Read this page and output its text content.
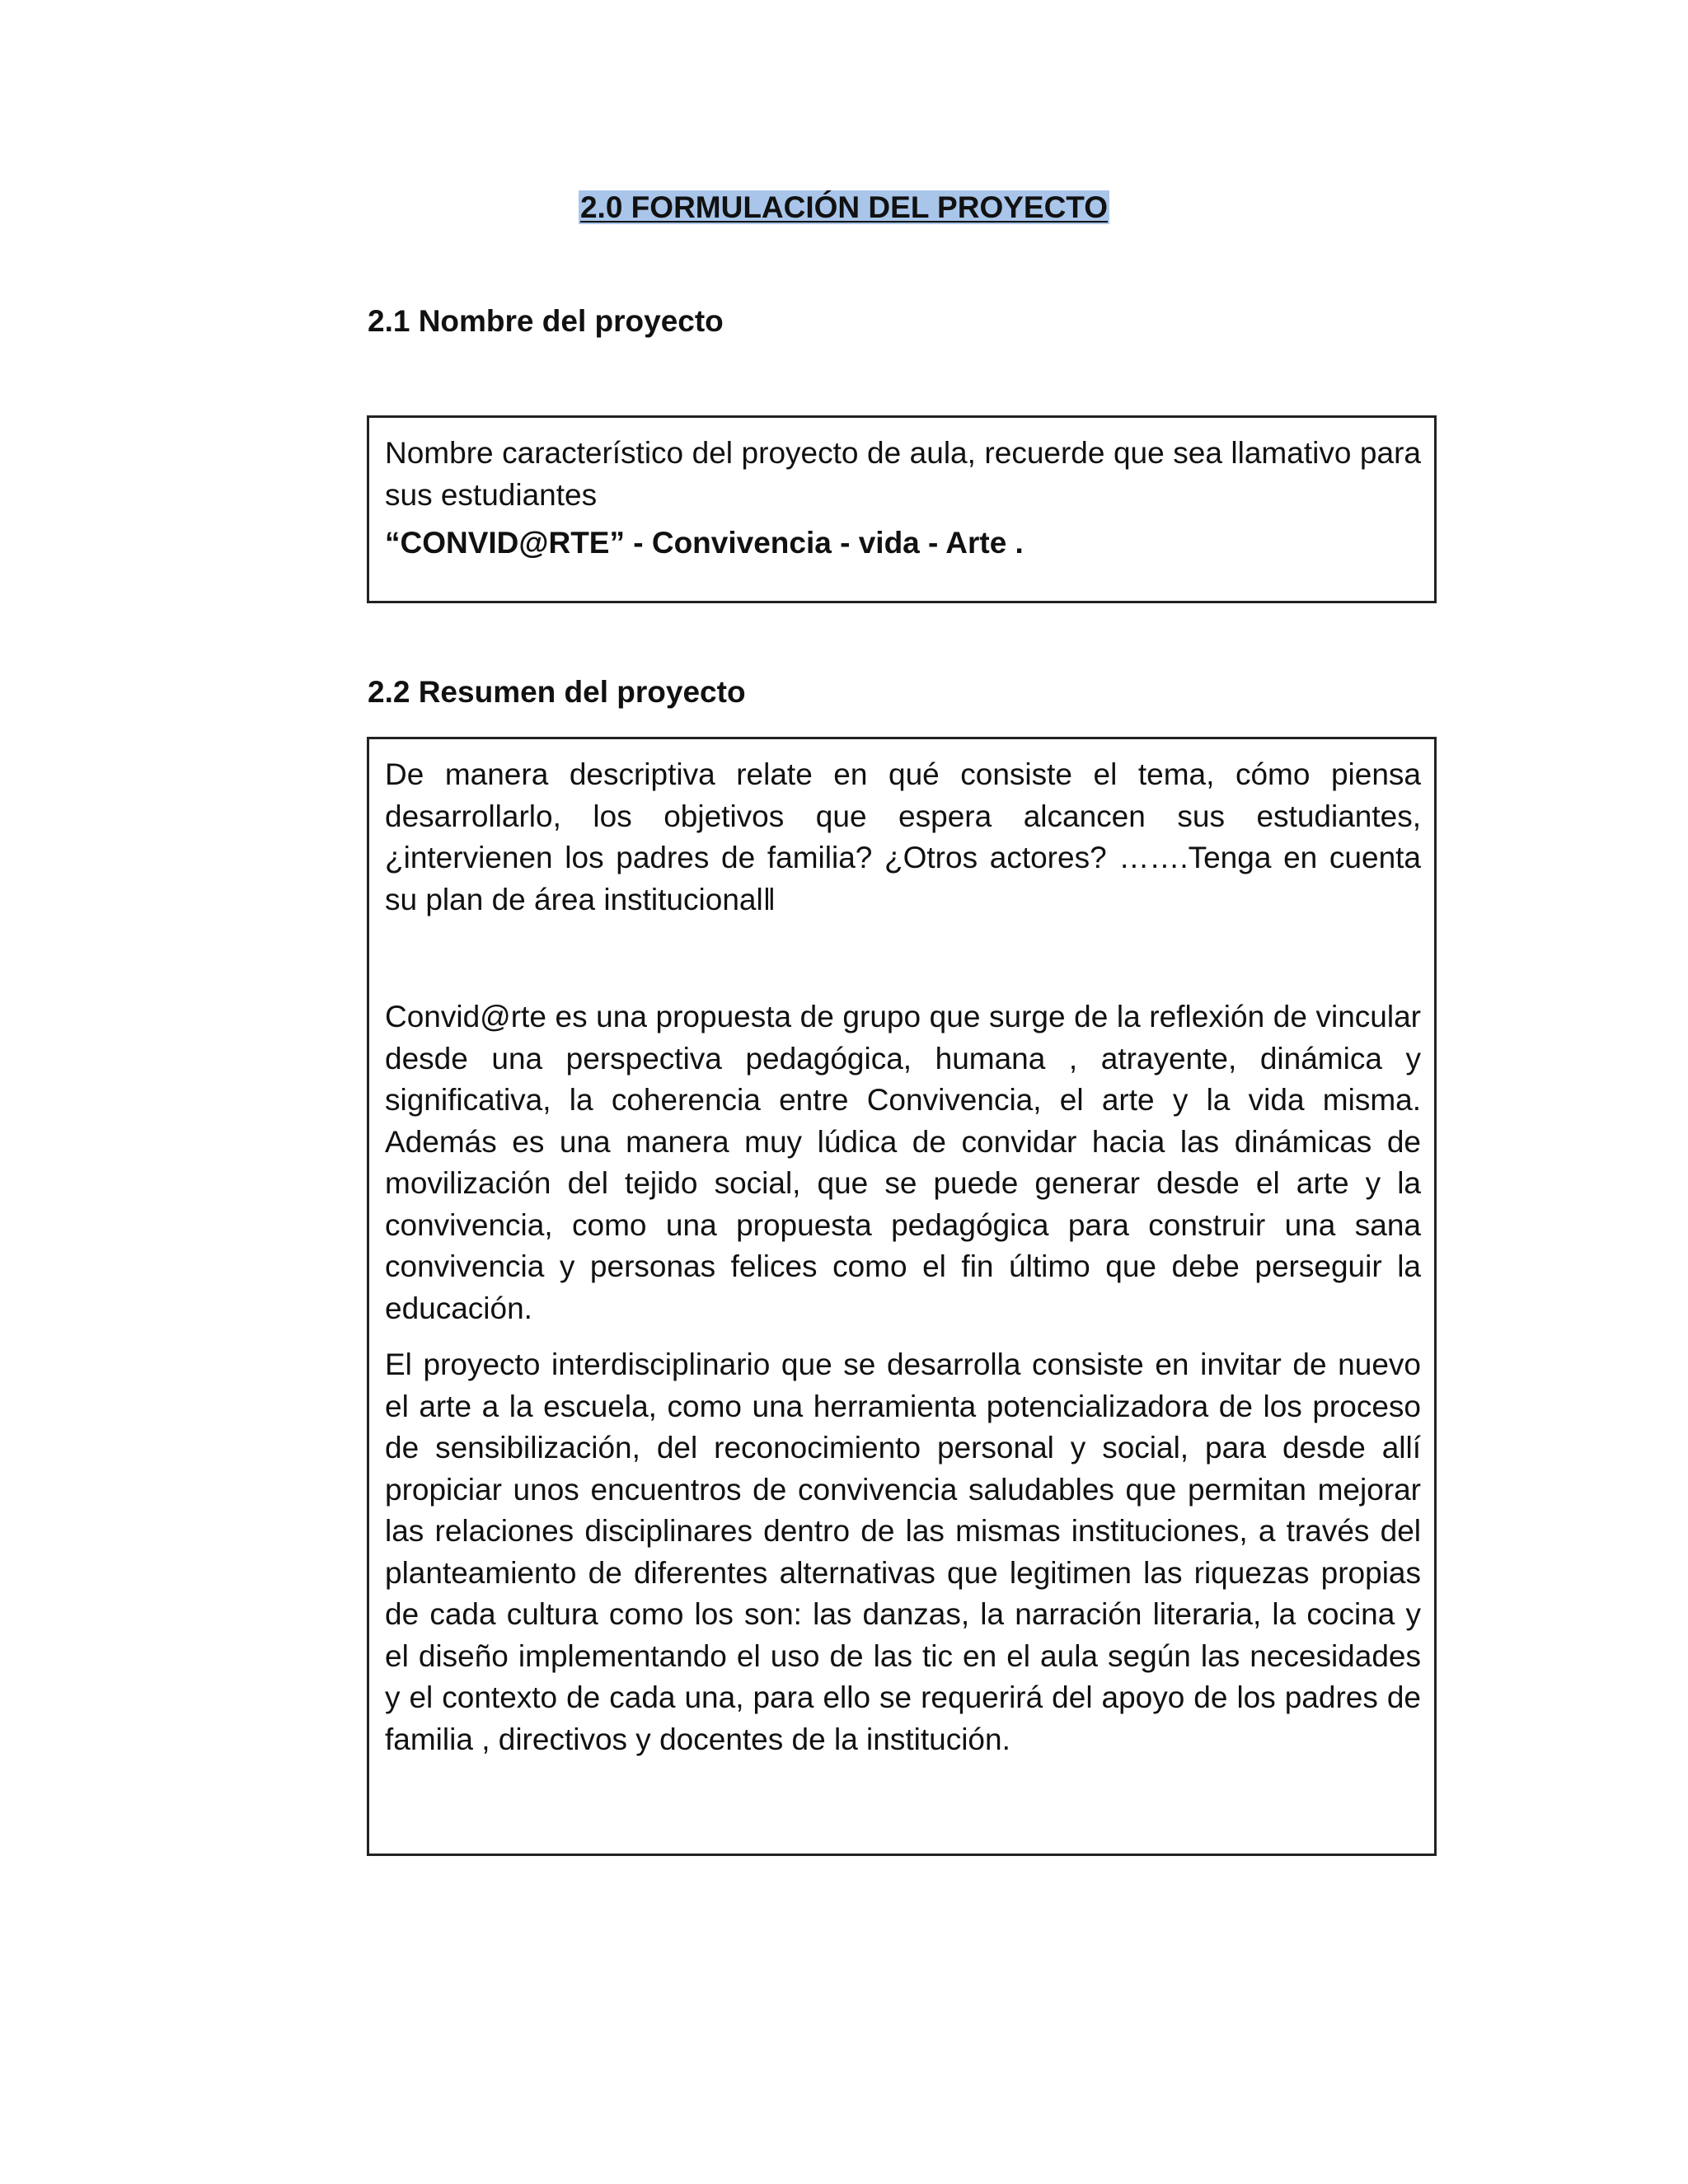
2.0 FORMULACIÓN DEL PROYECTO
2.1 Nombre del proyecto

Nombre característico del proyecto de aula, recuerde que sea llamativo para sus estudiantes

“CONVID@RTE” - Convivencia - vida - Arte .

2.2 Resumen del proyecto

De manera descriptiva relate en qué consiste el tema, cómo piensa desarrollarlo, los objetivos que espera alcancen sus estudiantes, ¿intervienen los padres de familia? ¿Otros actores? …….Tenga en cuenta su plan de área institucional‖

Convid@rte es una propuesta de grupo que surge de la reflexión de vincular desde una perspectiva pedagógica, humana , atrayente, dinámica y significativa, la coherencia entre Convivencia, el arte y la vida misma. Además es una manera muy lúdica de convidar hacia las dinámicas de movilización del tejido social, que se puede generar desde el arte y la convivencia, como una propuesta pedagógica para construir una sana convivencia y personas felices como el fin último que debe perseguir la educación.

El proyecto interdisciplinario que se desarrolla consiste en invitar de nuevo el arte a la escuela, como una herramienta potencializadora de los proceso de sensibilización, del reconocimiento personal y social, para desde allí propiciar unos encuentros de convivencia saludables que permitan mejorar las relaciones disciplinares dentro de las mismas instituciones, a través del planteamiento de diferentes alternativas que legitimen las riquezas propias de cada cultura como los son: las danzas, la narración literaria, la cocina y el diseño implementando el uso de las tic en el aula según las necesidades y el contexto de cada una, para ello se requerirá del apoyo de los padres de familia , directivos y docentes de la institución.
